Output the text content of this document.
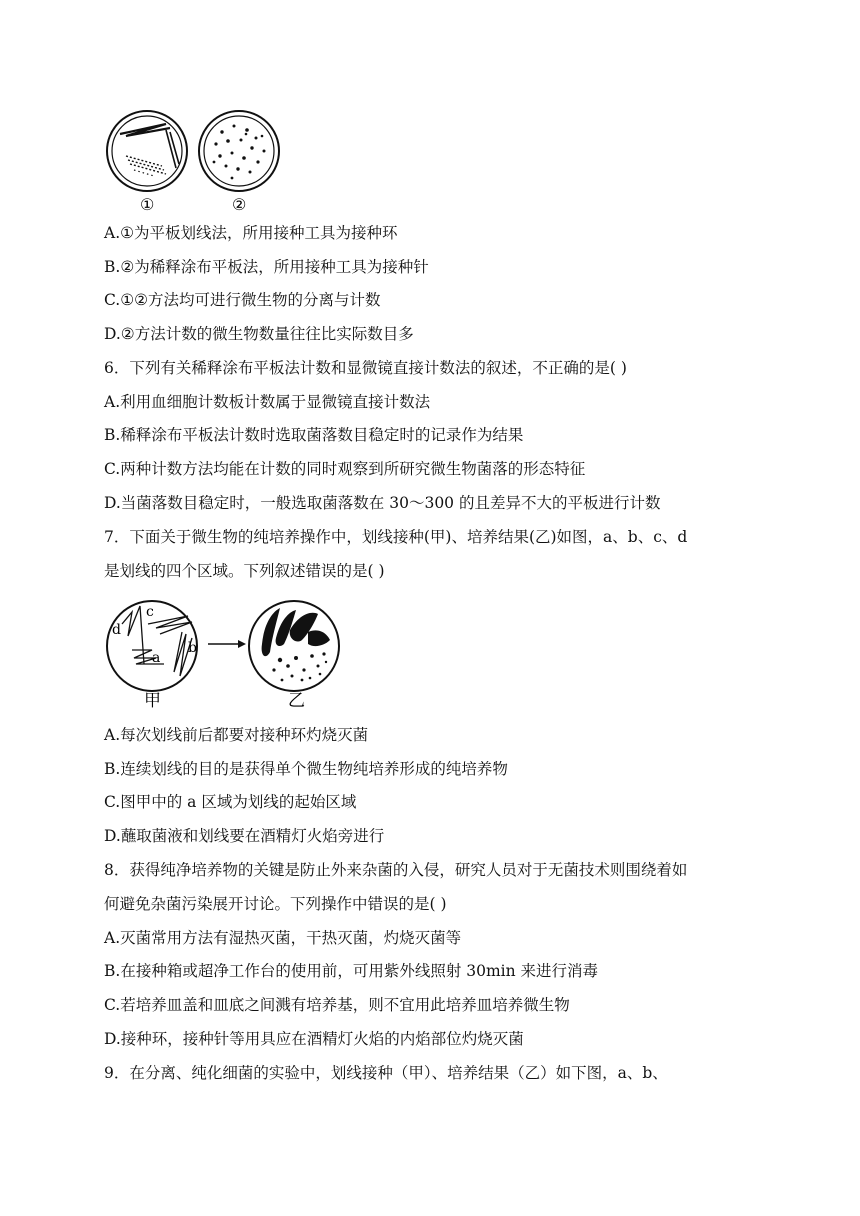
①	②
A.①为平板划线法，所用接种工具为接种环
B.②为稀释涂布平板法，所用接种工具为接种针
C.①②方法均可进行微生物的分离与计数
D.②方法计数的微生物数量往往比实际数目多
6．下列有关稀释涂布平板法计数和显微镜直接计数法的叙述，不正确的是( )
A.利用血细胞计数板计数属于显微镜直接计数法
B.稀释涂布平板法计数时选取菌落数目稳定时的记录作为结果
C.两种计数方法均能在计数的同时观察到所研究微生物菌落的形态特征
D.当菌落数目稳定时，一般选取菌落数在 30～300 的且差异不大的平板进行计数
7．下面关于微生物的纯培养操作中，划线接种(甲)、培养结果(乙)如图，a、b、c、d
是划线的四个区域。下列叙述错误的是( )
d
c
a
b
甲	乙
A.每次划线前后都要对接种环灼烧灭菌
B.连续划线的目的是获得单个微生物纯培养形成的纯培养物
C.图甲中的 a 区域为划线的起始区域
D.蘸取菌液和划线要在酒精灯火焰旁进行
8．获得纯净培养物的关键是防止外来杂菌的入侵，研究人员对于无菌技术则围绕着如
何避免杂菌污染展开讨论。下列操作中错误的是( )
A.灭菌常用方法有湿热灭菌，干热灭菌，灼烧灭菌等
B.在接种箱或超净工作台的使用前，可用紫外线照射 30min 来进行消毒
C.若培养皿盖和皿底之间溅有培养基，则不宜用此培养皿培养微生物
D.接种环，接种针等用具应在酒精灯火焰的内焰部位灼烧灭菌
9．在分离、纯化细菌的实验中，划线接种（甲）、培养结果（乙）如下图，a、b、
